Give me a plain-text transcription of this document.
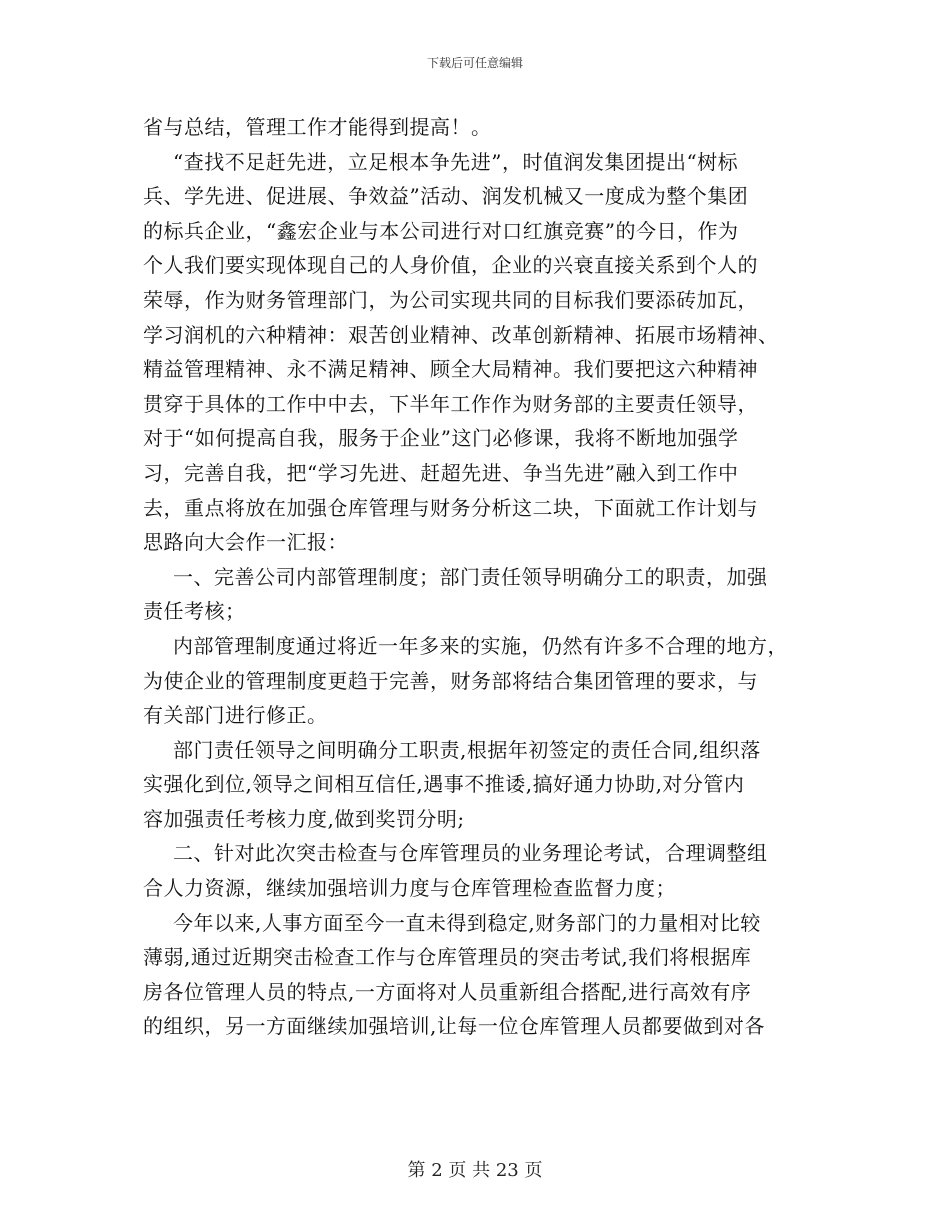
下载后可任意编辑
省与总结，管理工作才能得到提高！。
“查找不足赶先进，立足根本争先进”，时值润发集团提出“树标
兵、学先进、促进展、争效益”活动、润发机械又一度成为整个集团
的标兵企业，“鑫宏企业与本公司进行对口红旗竞赛”的今日，作为
个人我们要实现体现自己的人身价值，企业的兴衰直接关系到个人的
荣辱，作为财务管理部门，为公司实现共同的目标我们要添砖加瓦，
学习润机的六种精神：艰苦创业精神、改革创新精神、拓展市场精神、
精益管理精神、永不满足精神、顾全大局精神。我们要把这六种精神
贯穿于具体的工作中中去，下半年工作作为财务部的主要责任领导，
对于“如何提高自我，服务于企业”这门必修课，我将不断地加强学
习，完善自我，把“学习先进、赶超先进、争当先进”融入到工作中
去，重点将放在加强仓库管理与财务分析这二块，下面就工作计划与
思路向大会作一汇报：
一、完善公司内部管理制度；部门责任领导明确分工的职责，加强
责任考核；
内部管理制度通过将近一年多来的实施，仍然有许多不合理的地方，
为使企业的管理制度更趋于完善，财务部将结合集团管理的要求，与
有关部门进行修正。
部门责任领导之间明确分工职责,根据年初签定的责任合同,组织落
实强化到位,领导之间相互信任,遇事不推诿,搞好通力协助,对分管内
容加强责任考核力度,做到奖罚分明;
二、针对此次突击检查与仓库管理员的业务理论考试，合理调整组
合人力资源，继续加强培训力度与仓库管理检查监督力度；
今年以来,人事方面至今一直未得到稳定,财务部门的力量相对比较
薄弱,通过近期突击检查工作与仓库管理员的突击考试,我们将根据库
房各位管理人员的特点,一方面将对人员重新组合搭配,进行高效有序
的组织，另一方面继续加强培训,让每一位仓库管理人员都要做到对各
第 2 页 共 23 页
